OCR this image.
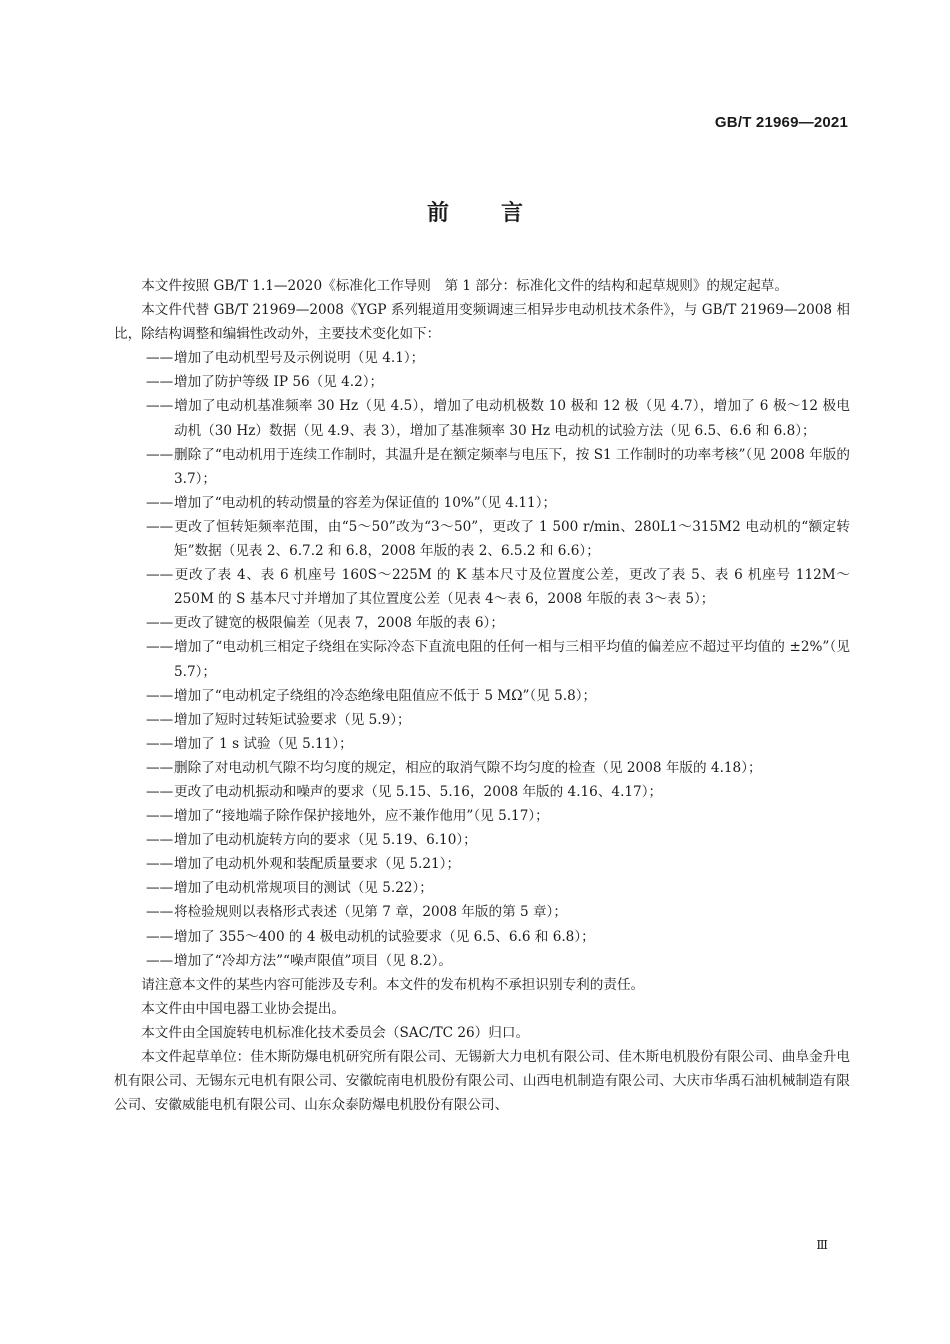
GB/T 21969—2021
前言

本文件按照 GB/T 1.1—2020《标准化工作导则　第 1 部分：标准化文件的结构和起草规则》的规定起草。

本文件代替 GB/T 21969—2008《YGP 系列辊道用变频调速三相异步电动机技术条件》，与 GB/T 21969—2008 相比，除结构调整和编辑性改动外，主要技术变化如下：

——增加了电动机型号及示例说明（见 4.1）；

——增加了防护等级 IP 56（见 4.2）；

——增加了电动机基准频率 30 Hz（见 4.5），增加了电动机极数 10 极和 12 极（见 4.7），增加了 6 极～12 极电动机（30 Hz）数据（见 4.9、表 3），增加了基准频率 30 Hz 电动机的试验方法（见 6.5、6.6 和 6.8）；

——删除了“电动机用于连续工作制时，其温升是在额定频率与电压下，按 S1 工作制时的功率考核”（见 2008 年版的 3.7）；

——增加了“电动机的转动惯量的容差为保证值的 10%”（见 4.11）；

——更改了恒转矩频率范围，由“5～50”改为“3～50”，更改了 1 500 r/min、280L1～315M2 电动机的“额定转矩”数据（见表 2、6.7.2 和 6.8，2008 年版的表 2、6.5.2 和 6.6）；

——更改了表 4、表 6 机座号 160S～225M 的 K 基本尺寸及位置度公差，更改了表 5、表 6 机座号 112M～250M 的 S 基本尺寸并增加了其位置度公差（见表 4～表 6，2008 年版的表 3～表 5）；

——更改了键宽的极限偏差（见表 7，2008 年版的表 6）；

——增加了“电动机三相定子绕组在实际冷态下直流电阻的任何一相与三相平均值的偏差应不超过平均值的 ±2%”（见 5.7）；

——增加了“电动机定子绕组的冷态绝缘电阻值应不低于 5 MΩ”（见 5.8）；

——增加了短时过转矩试验要求（见 5.9）；

——增加了 1 s 试验（见 5.11）；

——删除了对电动机气隙不均匀度的规定，相应的取消气隙不均匀度的检查（见 2008 年版的 4.18）；

——更改了电动机振动和噪声的要求（见 5.15、5.16，2008 年版的 4.16、4.17）；

——增加了“接地端子除作保护接地外，应不兼作他用”（见 5.17）；

——增加了电动机旋转方向的要求（见 5.19、6.10）；

——增加了电动机外观和装配质量要求（见 5.21）；

——增加了电动机常规项目的测试（见 5.22）；

——将检验规则以表格形式表述（见第 7 章，2008 年版的第 5 章）；

——增加了 355～400 的 4 极电动机的试验要求（见 6.5、6.6 和 6.8）；

——增加了“冷却方法”“噪声限值”项目（见 8.2）。

请注意本文件的某些内容可能涉及专利。本文件的发布机构不承担识别专利的责任。

本文件由中国电器工业协会提出。

本文件由全国旋转电机标准化技术委员会（SAC/TC 26）归口。

本文件起草单位：佳木斯防爆电机研究所有限公司、无锡新大力电机有限公司、佳木斯电机股份有限公司、曲阜金升电机有限公司、无锡东元电机有限公司、安徽皖南电机股份有限公司、山西电机制造有限公司、大庆市华禹石油机械制造有限公司、安徽威能电机有限公司、山东众泰防爆电机股份有限公司、

Ⅲ
